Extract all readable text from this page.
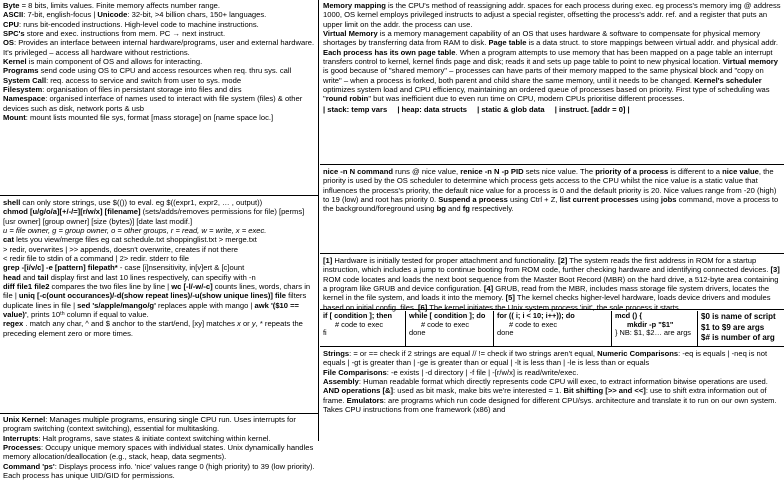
Byte = 8 bits, limits values. Finite memory affects number range.

ASCII: 7-bit, english-focus | Unicode: 32-bit, >4 billion chars, 150+ languages.

CPU: runs bit-encoded instructions. High-level code to machine instructions.

SPC's store and exec. instructions from mem. PC → next instruct.

OS: Provides an interface between internal hardware/programs, user and external hardware. It's privileged – access all hardware without restrictions.

Kernel is main component of OS and allows for interacting.

Programs send code using OS to CPU and access resources when req. thru sys. call

System Call: req. access to service and switch from user to sys. mode

Filesystem: organisation of files in persistant storage into files and dirs

Namespace: organised interface of names used to interact with file system (files) & other devices such as disk, network ports & usb

Mount: mount lists mounted file sys, format [mass storage] on [name space loc.]

shell can only store strings, use $(()) to eval. eg $((expr1, expr2, … , output))

chmod [u/g/o/a][+/-/=][r/w/x] [filename] (sets/adds/removes permissions for file) [perms] [usr owner] [group owner] [size (bytes)] [date last modif.]

u = file owner, g = group owner, o = other groups, r = read, w = write, x = exec.

cat lets you view/merge files eg cat schedule.txt shoppinglist.txt > merge.txt

> redir, overwrites | >> appends, doesn't overwrite, creates if not there

< redir file to stdin of a command | 2> redir. stderr to file

grep -[i/v/c] -e [pattern] filepath* - case [i]nsensitivity, in[v]ert & [c]ount

head and tail display first and last 10 lines respectively, can specifiy with -n

diff file1 file2 compares the two files line by line | wc [-l/-w/-c] counts lines, words, chars in file | uniq [-c(ount occurances)/-d(show repeat lines)/-u(show unique lines)] file filters duplicate lines in file | sed 's/apple/mango/g' replaces apple with mango | awk '($10 == value)', prints 10ᵗʰ column if equal to value.

regex . match any char, ^ and $ anchor to the start/end, [xy] matches x or y, * repeats the preceding element zero or more times.

Unix Kernel: Manages multiple programs, ensuring single CPU run. Uses interrupts for program switching (context switching), essential for multitasking.

Interrupts: Halt programs, save states & initiate context switching within kernel.

Processes: Occupy unique memory spaces with individual states. Unix dynamically handles memory allocation/deallocation (e.g., stack, heap, data segments).

Command 'ps': Displays process info. 'nice' values range 0 (high priority) to 39 (low priority). Each process has unique UID/GID for permissions.

Memory mapping is the CPU's method of reassigning addr. spaces for each process during exec. eg process's memory img @ address 1000, OS kernel employs privileged instructs to adjust a special register, offsetting the process's addr. ref. and a register that puts an upper limit on the addr. the process can use.

Virtual Memory is a memory management capability of an OS that uses hardware & software to compensate for physical memory shortages by transferring data from RAM to disk. Page table is a data struct. to store mappings between virtual addr. and physical addr. Each process has its own page table. When a program attempts to use memory that has been mapped on a page table an interrupt transfers control to kernel, kernel finds page and disk; reads it and sets up page table to point to new physical location. Virtual memory is good because of "shared memory" – processes can have parts of their memory mapped to the same physical block and "copy on write" – when a process is forked, both parent and child share the same memory, until it needs to be changed. Kernel's scheduler optimizes system load and CPU efficiency, maintaining an ordered queue of processes based on priority. First type of scheduling was "round robin" but was inefficient due to even run time on CPU, modern CPUs prioritise different processes.

| stack: temp vars | heap: data structs | static & glob data | instruct. [addr = 0] |

nice -n N command runs @ nice value, renice -n N -p PID sets nice value. The priority of a process is different to a nice value, the priority is used by the OS scheduler to determine which process gets access to the CPU whilst the nice value is a static value that influences the process's priority, the default nice value for a process is 0 and the default priority is 20. Nice values range from -20 (high) to 19 (low) and root has priority 0. Suspend a process using Ctrl + Z, list current processes using jobs command, move a process to the background/foreground using bg and fg respectively.

[1] Hardware is initially tested for proper attachment and functionality. [2] The system reads the first address in ROM for a startup instruction, which includes a jump to continue booting from ROM code, further checking hardware and identifying connected devices. [3] ROM code locates and loads the next boot sequence from the Master Boot Record (MBR) on the hard drive, a 512-byte area containing a program like GRUB and device configuration. [4] GRUB, read from the MBR, includes mass storage file system drivers, locates the kernel in the file system, and loads it into the memory. [5] The kernel checks higher-level hardware, loads device drivers and modules based on initial config. files. [6] The kernel initiates the Unix system process 'init', the sole process it starts

if [ condition ]; then
# code to exec
fi
while [ condition ]; do
# code to exec
done
for (( i; i < 10; i++)); do
# code to exec
done
mcd () {
mkdir -p "$1"
} NB: $1, $2… are args
$0 is name of script
$1 to $9 are args
$# is number of arg

Strings: = or == check if 2 strings are equal // != check if two strings aren't equal, Numeric Comparisons: -eq is equals | -neq is not equals | -gt is greater than | -ge is greater than or equal | -lt is less than | -le is less than or equals

File Comparisons: -e exists | -d directory | -f file | -[r/w/x] is read/write/exec.

Assembly: Human readable format which directly represents code CPU will exec, to extract information bitwise operations are used. AND operations [&]: used as bit mask, make bits we're interested = 1. Bit shifting [>> and <<]: use to shift extra information out of frame. Emulators: are programs which run code designed for different CPU/sys. architecture and translate it to run on our own system. Takes CPU instructions from one framework (x86) and
